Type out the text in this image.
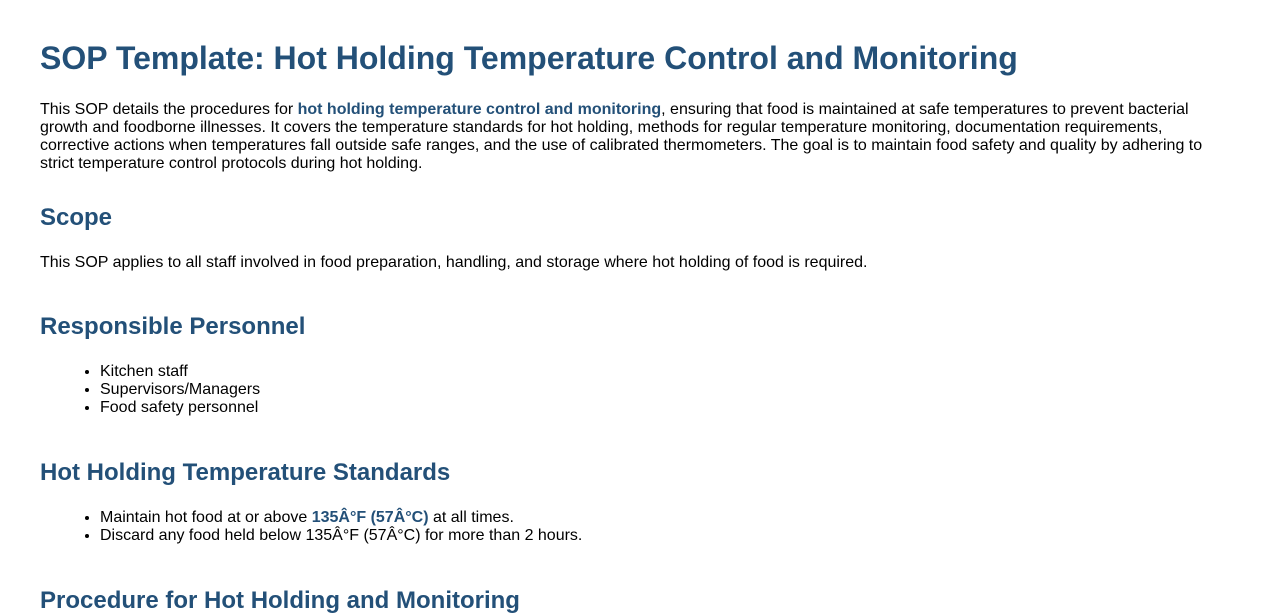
SOP Template: Hot Holding Temperature Control and Monitoring

This SOP details the procedures for hot holding temperature control and monitoring, ensuring that food is maintained at safe temperatures to prevent bacterial growth and foodborne illnesses. It covers the temperature standards for hot holding, methods for regular temperature monitoring, documentation requirements, corrective actions when temperatures fall outside safe ranges, and the use of calibrated thermometers. The goal is to maintain food safety and quality by adhering to strict temperature control protocols during hot holding.

Scope

This SOP applies to all staff involved in food preparation, handling, and storage where hot holding of food is required.

Responsible Personnel
• Kitchen staff
• Supervisors/Managers
• Food safety personnel
Hot Holding Temperature Standards
• Maintain hot food at or above 135Â°F (57Â°C) at all times.
• Discard any food held below 135Â°F (57Â°C) for more than 2 hours.
Procedure for Hot Holding and Monitoring
